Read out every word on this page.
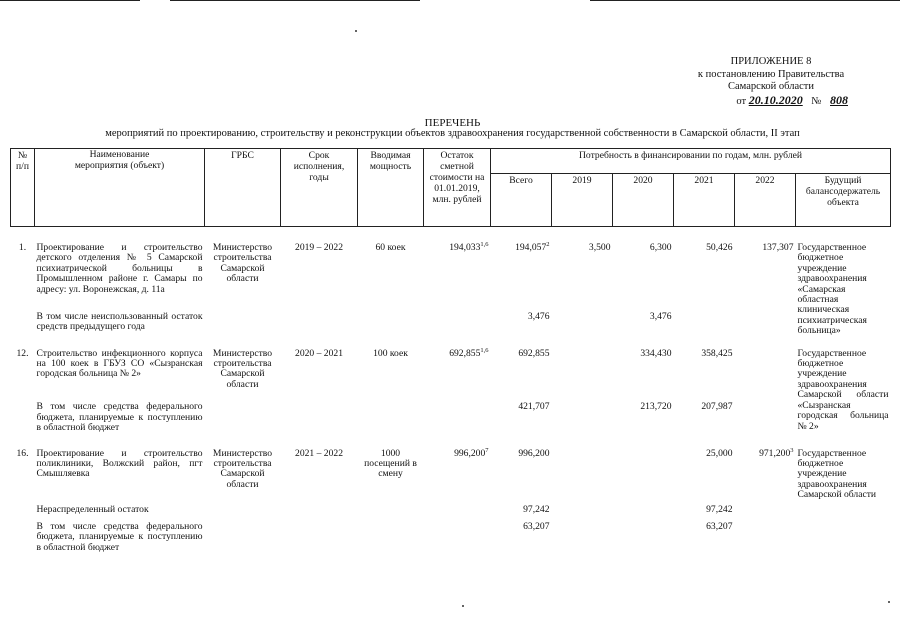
ПРИЛОЖЕНИЕ 8
к постановлению Правительства
Самарской области
от 20.10.2020 № 808
ПЕРЕЧЕНЬ
мероприятий по проектированию, строительству и реконструкции объектов здравоохранения государственной собственности в Самарской области, II этап
№ п/п	Наименование мероприятия (объект)	ГРБС	Срок исполнения, годы	Вводимая мощность	Остаток сметной стоимости на 01.01.2019, млн. рублей	Потребность в финансировании по годам, млн. рублей					
						Всего	2019	2020	2021	2022	Будущий балансодержатель объекта
1.	Проектирование и строительство детского отделения № 5 Самарской психиатрической больницы в Промышленном районе г. Самары по адресу: ул. Воронежская, д. 11а	Министерство строительства Самарской области	2019 – 2022	60 коек	194,033$^{1,6}$	194,057$^2$	3,500	6,300	50,426	137,307	Государственное бюджетное учреждение здравоохранения «Самарская областная клиническая психиатрическая больница»
	В том числе неиспользованный остаток средств предыдущего года					3,476		3,476			
12.	Строительство инфекционного корпуса на 100 коек в ГБУЗ СО «Сызранская городская больница № 2»	Министерство строительства Самарской области	2020 – 2021	100 коек	692,855$^{1,6}$	692,855		334,430	358,425		Государственное бюджетное учреждение здравоохранения Самарской области «Сызранская городская больница № 2»
	В том числе средства федерального бюджета, планируемые к поступлению в областной бюджет					421,707		213,720	207,987		
16.	Проектирование и строительство поликлиники, Волжский район, пгт Смышляевка	Министерство строительства Самарской области	2021 – 2022	1000 посещений в смену	996,200$^7$	996,200			25,000	971,200$^3$	Государственное бюджетное учреждение здравоохранения Самарской области
	Нераспределенный остаток					97,242			97,242		
	В том числе средства федерального бюджета, планируемые к поступлению в областной бюджет					63,207			63,207		
